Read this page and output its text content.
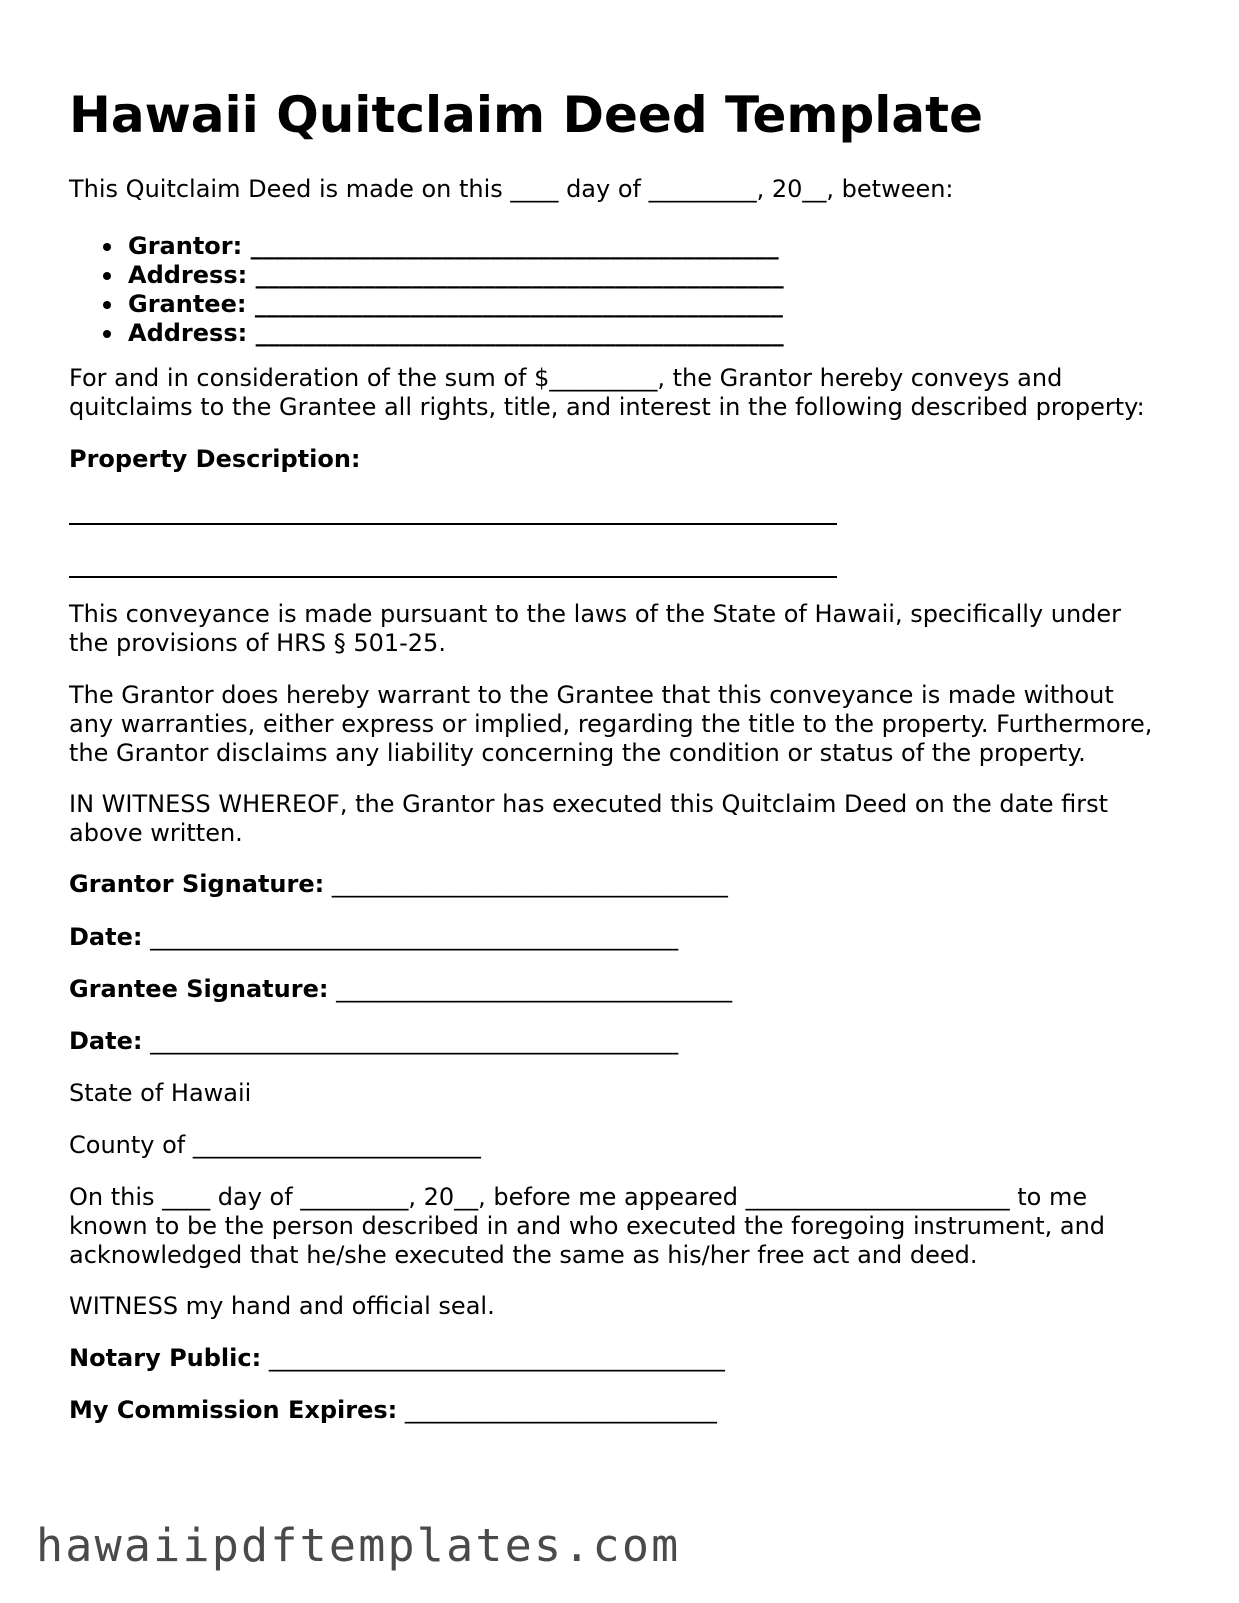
Hawaii Quitclaim Deed Template

This Quitclaim Deed is made on this ____ day of _________, 20__, between:

Grantor: ____________________________________________
Address: ____________________________________________
Grantee: ____________________________________________
Address: ____________________________________________

For and in consideration of the sum of $_________, the Grantor hereby conveys and

quitclaims to the Grantee all rights, title, and interest in the following described property:

Property Description:

This conveyance is made pursuant to the laws of the State of Hawaii, specifically under

the provisions of HRS § 501-25.

The Grantor does hereby warrant to the Grantee that this conveyance is made without

any warranties, either express or implied, regarding the title to the property. Furthermore,

the Grantor disclaims any liability concerning the condition or status of the property.

IN WITNESS WHEREOF, the Grantor has executed this Quitclaim Deed on the date first

above written.

Grantor Signature: _________________________________

Date: ____________________________________________

Grantee Signature: _________________________________

Date: ____________________________________________

State of Hawaii

County of ________________________

On this ____ day of _________, 20__, before me appeared ______________________ to me

known to be the person described in and who executed the foregoing instrument, and

acknowledged that he/she executed the same as his/her free act and deed.

WITNESS my hand and official seal.

Notary Public: ______________________________________

My Commission Expires: __________________________

hawaiipdftemplates.com
